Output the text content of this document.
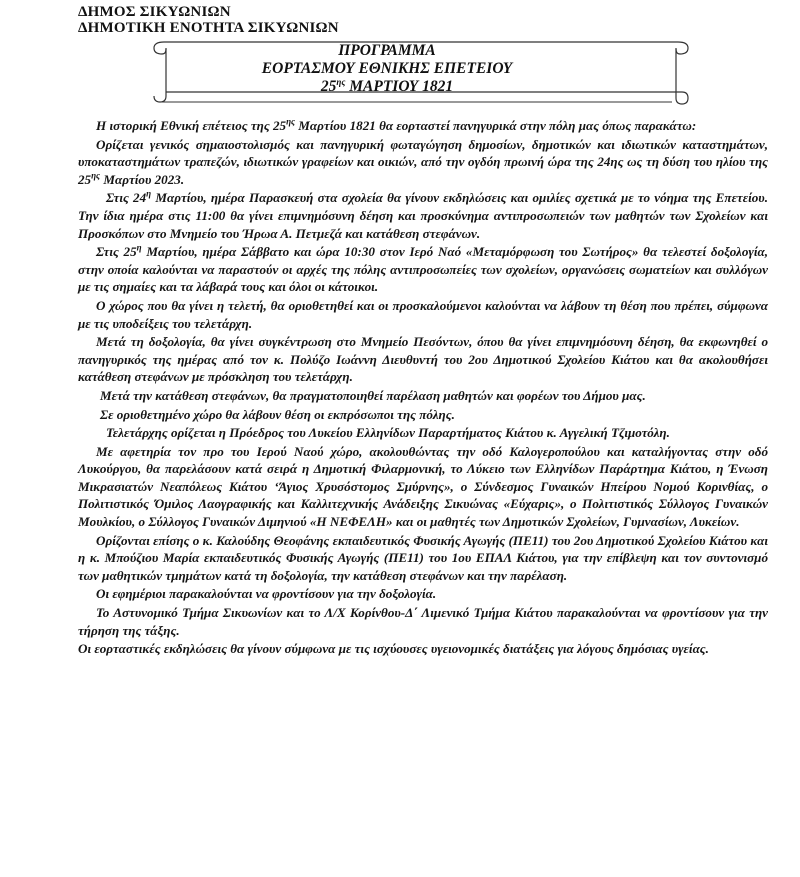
ΔΗΜΟΣ ΣΙΚΥΩΝΙΩΝ
ΔΗΜΟΤΙΚΗ ΕΝΟΤΗΤΑ ΣΙΚΥΩΝΙΩΝ
ΠΡΟΓΡΑΜΜΑ
ΕΟΡΤΑΣΜΟΥ ΕΘΝΙΚΗΣ ΕΠΕΤΕΙΟΥ
$25^{\eta\varsigma}$ ΜΑΡΤΙΟΥ 1821

Η ιστορική Εθνική επέτειος της $25^{\eta\varsigma}$ Μαρτίου 1821 θα εορταστεί πανηγυρικά στην πόλη μας όπως παρακάτω:

Ορίζεται γενικός σημαιοστολισμός και πανηγυρική φωταγώγηση δημοσίων, δημοτικών και ιδιωτικών καταστημάτων, υποκαταστημάτων τραπεζών, ιδιωτικών γραφείων και οικιών, από την ογδόη πρωινή ώρα της 24ης ως τη δύση του ηλίου της $25^{\eta\varsigma}$ Μαρτίου 2023.

Στις $24^\eta$ Μαρτίου, ημέρα Παρασκευή στα σχολεία θα γίνουν εκδηλώσεις και ομιλίες σχετικά με το νόημα της Επετείου. Την ίδια ημέρα στις 11:00 θα γίνει επιμνημόσυνη δέηση και προσκύνημα αντιπροσωπειών των μαθητών των Σχολείων και Προσκόπων στο Μνημείο του Ήρωα Α. Πετμεζά και κατάθεση στεφάνων.

Στις $25^\eta$ Μαρτίου, ημέρα Σάββατο και ώρα 10:30 στον Ιερό Ναό «Μεταμόρφωση του Σωτήρος» θα τελεστεί δοξολογία, στην οποία καλούνται να παραστούν οι αρχές της πόλης αντιπροσωπείες των σχολείων, οργανώσεις σωματείων και συλλόγων με τις σημαίες και τα λάβαρά τους και όλοι οι κάτοικοι.

Ο χώρος που θα γίνει η τελετή, θα οριοθετηθεί και οι προσκαλούμενοι καλούνται να λάβουν τη θέση που πρέπει, σύμφωνα με τις υποδείξεις του τελετάρχη.

Μετά τη δοξολογία, θα γίνει συγκέντρωση στο Μνημείο Πεσόντων, όπου θα γίνει επιμνημόσυνη δέηση, θα εκφωνηθεί ο πανηγυρικός της ημέρας από τον κ. Πολύζο Ιωάννη Διευθυντή του 2ου Δημοτικού Σχολείου Κιάτου και θα ακολουθήσει κατάθεση στεφάνων με πρόσκληση του τελετάρχη.

Μετά την κατάθεση στεφάνων, θα πραγματοποιηθεί παρέλαση μαθητών και φορέων του Δήμου μας.

Σε οριοθετημένο χώρο θα λάβουν θέση οι εκπρόσωποι της πόλης.

Τελετάρχης ορίζεται η Πρόεδρος του Λυκείου Ελληνίδων Παραρτήματος Κιάτου κ. Αγγελική Τζιμοτόλη.

Με αφετηρία τον προ του Ιερού Ναού χώρο, ακολουθώντας την οδό Καλογεροπούλου και καταλήγοντας στην οδό Λυκούργου, θα παρελάσουν κατά σειρά η Δημοτική Φιλαρμονική, το Λύκειο των Ελληνίδων Παράρτημα Κιάτου, η Ένωση Μικρασιατών Νεαπόλεως Κιάτου ‘Άγιος Χρυσόστομος Σμύρνης», ο Σύνδεσμος Γυναικών Ηπείρου Νομού Κορινθίας, ο Πολιτιστικός Όμιλος Λαογραφικής και Καλλιτεχνικής Ανάδειξης Σικυώνας «Εύχαρις», ο Πολιτιστικός Σύλλογος Γυναικών Μουλκίου, ο Σύλλογος Γυναικών Διμηνιού «Η ΝΕΦΕΛΗ» και οι μαθητές των Δημοτικών Σχολείων, Γυμνασίων, Λυκείων.

Ορίζονται επίσης ο κ. Καλούδης Θεοφάνης εκπαιδευτικός Φυσικής Αγωγής (ΠΕ11) του 2ου Δημοτικού Σχολείου Κιάτου και η κ. Μπούζιου Μαρία εκπαιδευτικός Φυσικής Αγωγής (ΠΕ11) του 1ου ΕΠΑΛ Κιάτου, για την επίβλεψη και τον συντονισμό των μαθητικών τμημάτων κατά τη δοξολογία, την κατάθεση στεφάνων και την παρέλαση.

Οι εφημέριοι παρακαλούνται να φροντίσουν για την δοξολογία.

Το Αστυνομικό Τμήμα Σικυωνίων και το Λ/Χ Κορίνθου-Δ΄ Λιμενικό Τμήμα Κιάτου παρακαλούνται να φροντίσουν για την τήρηση της τάξης.

Οι εορταστικές εκδηλώσεις θα γίνουν σύμφωνα με τις ισχύουσες υγειονομικές διατάξεις για λόγους δημόσιας υγείας.
